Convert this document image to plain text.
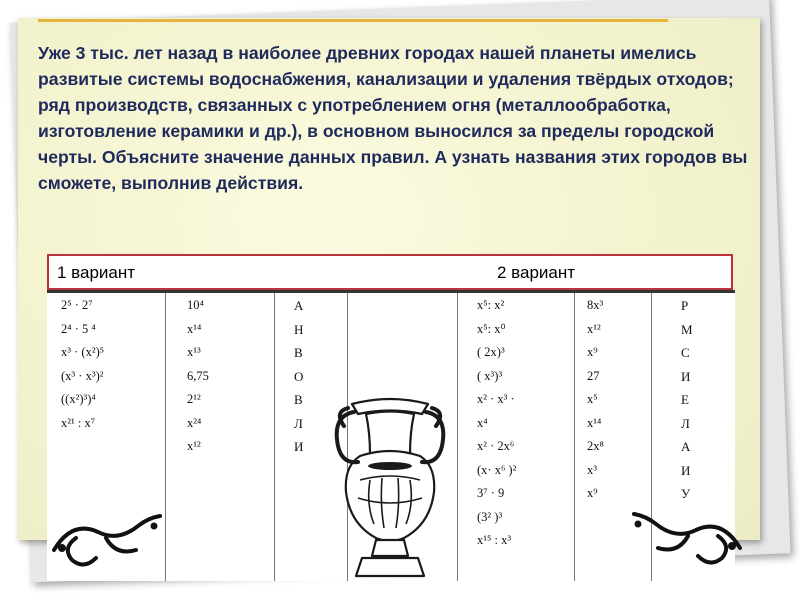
Уже 3 тыс. лет назад в наиболее древних городах нашей планеты имелись развитые системы водоснабжения, канализации и удаления твёрдых отходов; ряд производств, связанных с употреблением огня (металлообработка, изготовление керамики и др.), в основном выносился за пределы городской черты. Объясните значение данных правил. А узнать названия этих городов вы сможете, выполнив действия.

1 вариант	2 вариант
2⁵ · 2⁷
2⁴ · 5 ⁴
x³ · (x²)⁵
(x³ · x³)²
((x²)³)⁴
x²¹ : x⁷
10⁴
x¹⁴
x¹³
6,75
2¹²
x²⁴
x¹²
А
Н
В
О
В
Л
И
x⁵: x²
x⁵: x⁰
( 2x)³
( x³)³
x² · x³ ·
x⁴
x² · 2x⁶
(x· x⁶ )²
3⁷ · 9
(3² )³
x¹⁵ : x³
8x³
x¹²
x⁹
27
x⁵
x¹⁴
2x⁸
x³
x⁹
Р
М
С
И
Е
Л
А
И
У
